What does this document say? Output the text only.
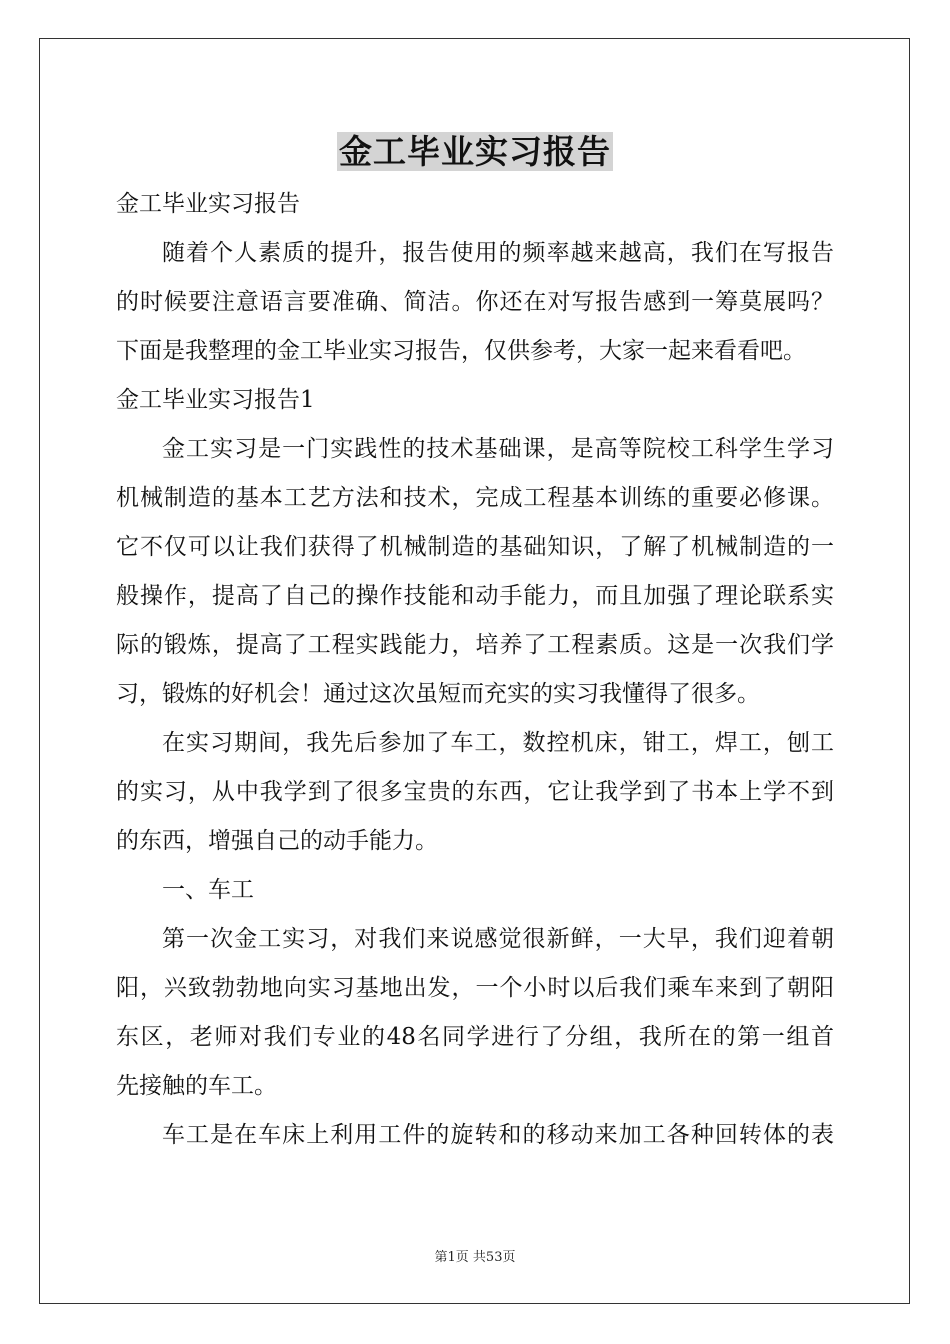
金工毕业实习报告
金工毕业实习报告
随着个人素质的提升，报告使用的频率越来越高，我们在写报告
的时候要注意语言要准确、简洁。你还在对写报告感到一筹莫展吗？
下面是我整理的金工毕业实习报告，仅供参考，大家一起来看看吧。
金工毕业实习报告1
金工实习是一门实践性的技术基础课，是高等院校工科学生学习
机械制造的基本工艺方法和技术，完成工程基本训练的重要必修课。
它不仅可以让我们获得了机械制造的基础知识，了解了机械制造的一
般操作，提高了自己的操作技能和动手能力，而且加强了理论联系实
际的锻炼，提高了工程实践能力，培养了工程素质。这是一次我们学
习，锻炼的好机会！通过这次虽短而充实的实习我懂得了很多。
在实习期间，我先后参加了车工，数控机床，钳工，焊工，刨工
的实习，从中我学到了很多宝贵的东西，它让我学到了书本上学不到
的东西，增强自己的动手能力。
一、车工
第一次金工实习，对我们来说感觉很新鲜，一大早，我们迎着朝
阳，兴致勃勃地向实习基地出发，一个小时以后我们乘车来到了朝阳
东区，老师对我们专业的48名同学进行了分组，我所在的第一组首
先接触的车工。
车工是在车床上利用工件的旋转和的移动来加工各种回转体的表
第1页 共53页
